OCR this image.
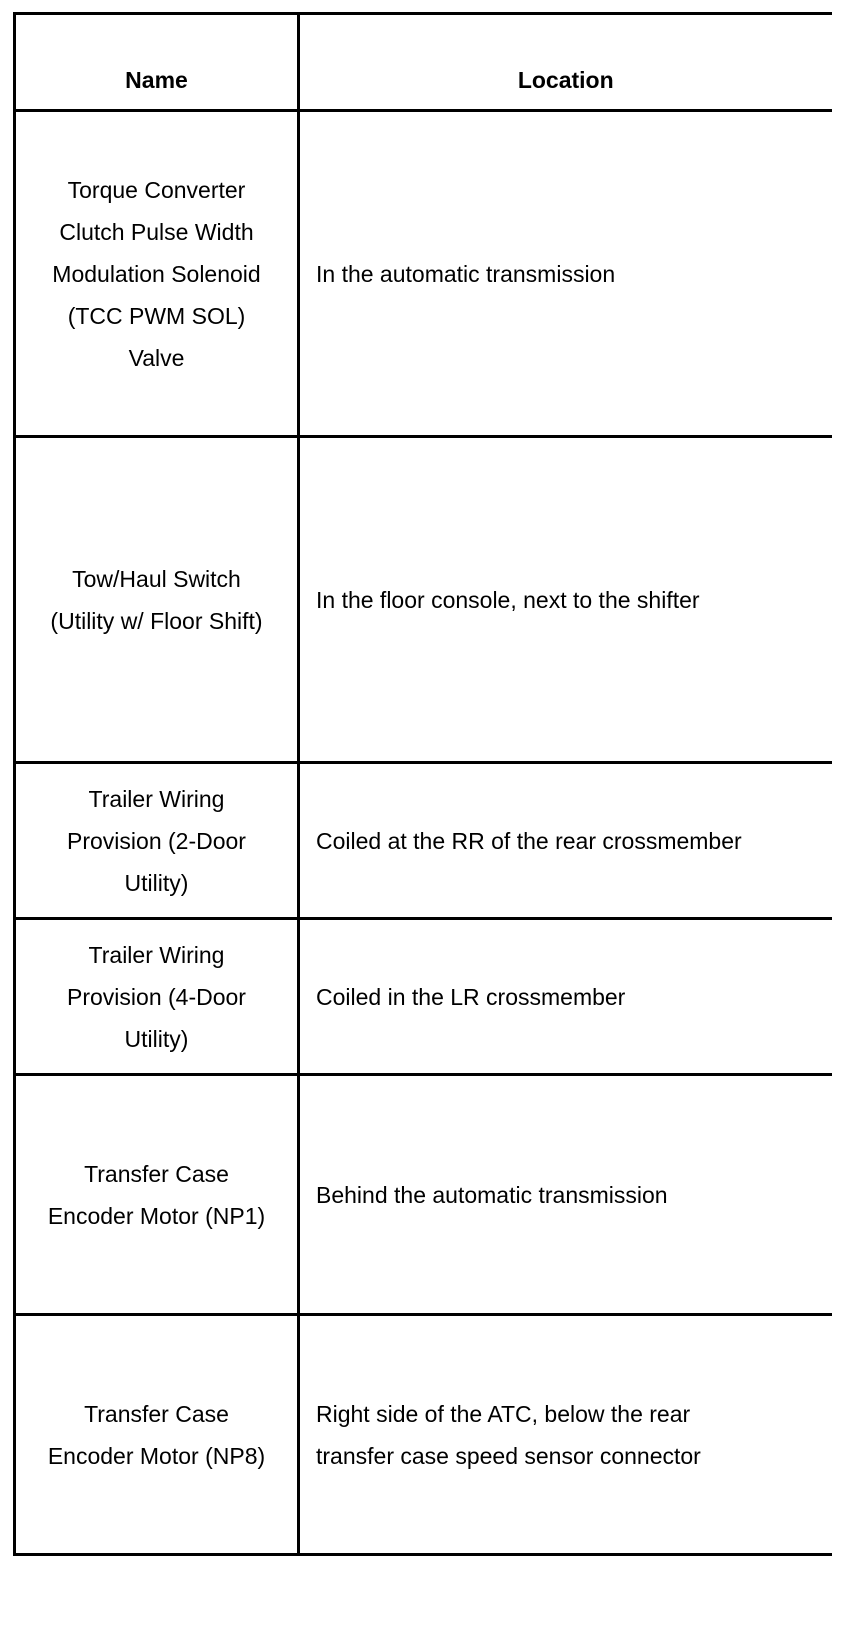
Name	Location

Torque Converter Clutch Pulse Width Modulation Solenoid (TCC PWM SOL) Valve	In the automatic transmission

Tow/Haul Switch (Utility w/ Floor Shift)	In the floor console, next to the shifter

Trailer Wiring Provision (2-Door Utility)	Coiled at the RR of the rear crossmember

Trailer Wiring Provision (4-Door Utility)	Coiled in the LR crossmember

Transfer Case Encoder Motor (NP1)	Behind the automatic transmission

Transfer Case Encoder Motor (NP8)	Right side of the ATC, below the rear transfer case speed sensor connector
